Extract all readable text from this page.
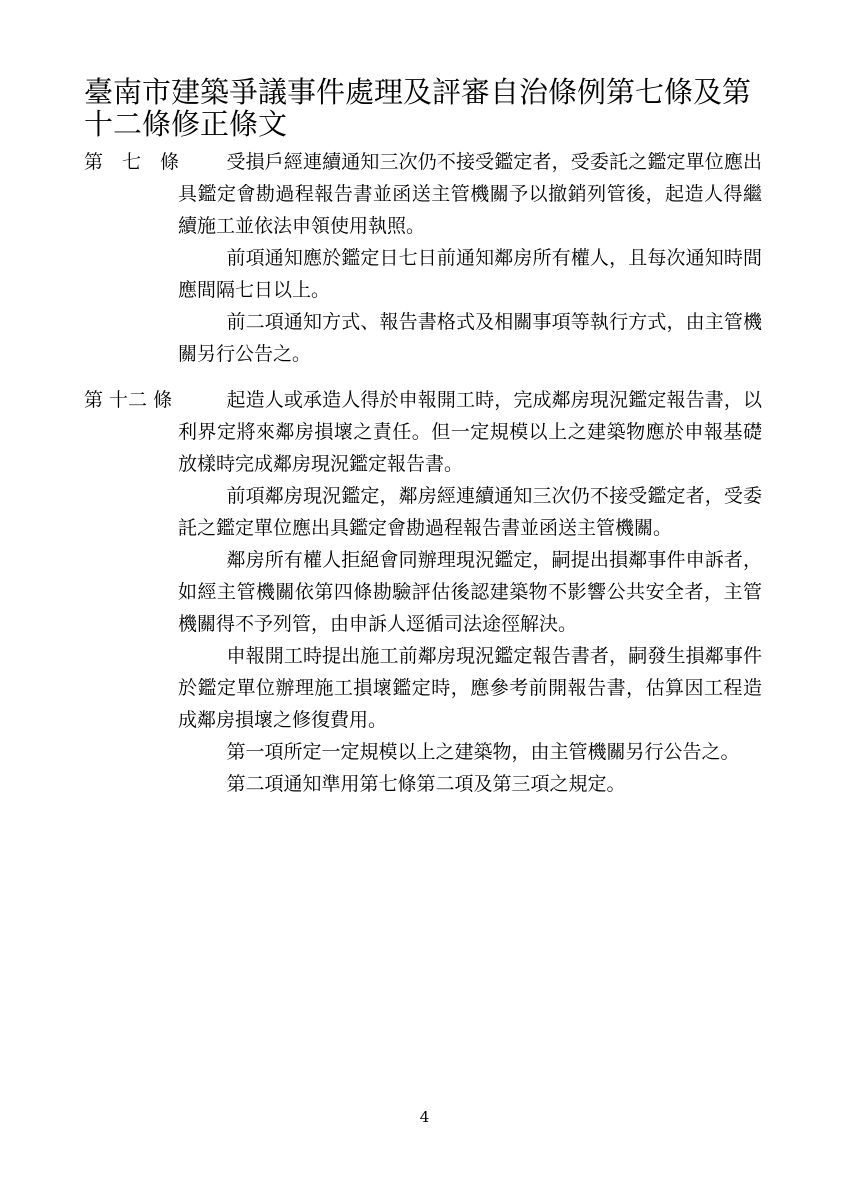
臺南市建築爭議事件處理及評審自治條例第七條及第
十二條修正條文
第　七　條	受損戶經連續通知三次仍不接受鑑定者，受委託之鑑定單位應出具鑑定會勘過程報告書並函送主管機關予以撤銷列管後，起造人得繼續施工並依法申領使用執照。

前項通知應於鑑定日七日前通知鄰房所有權人，且每次通知時間應間隔七日以上。

前二項通知方式、報告書格式及相關事項等執行方式，由主管機關另行公告之。

第 十二 條	起造人或承造人得於申報開工時，完成鄰房現況鑑定報告書，以利界定將來鄰房損壞之責任。但一定規模以上之建築物應於申報基礎放樣時完成鄰房現況鑑定報告書。

前項鄰房現況鑑定，鄰房經連續通知三次仍不接受鑑定者，受委託之鑑定單位應出具鑑定會勘過程報告書並函送主管機關。

鄰房所有權人拒絕會同辦理現況鑑定，嗣提出損鄰事件申訴者，如經主管機關依第四條勘驗評估後認建築物不影響公共安全者，主管機關得不予列管，由申訴人逕循司法途徑解決。

申報開工時提出施工前鄰房現況鑑定報告書者，嗣發生損鄰事件於鑑定單位辦理施工損壞鑑定時，應參考前開報告書，估算因工程造成鄰房損壞之修復費用。

第一項所定一定規模以上之建築物，由主管機關另行公告之。

第二項通知準用第七條第二項及第三項之規定。

4
